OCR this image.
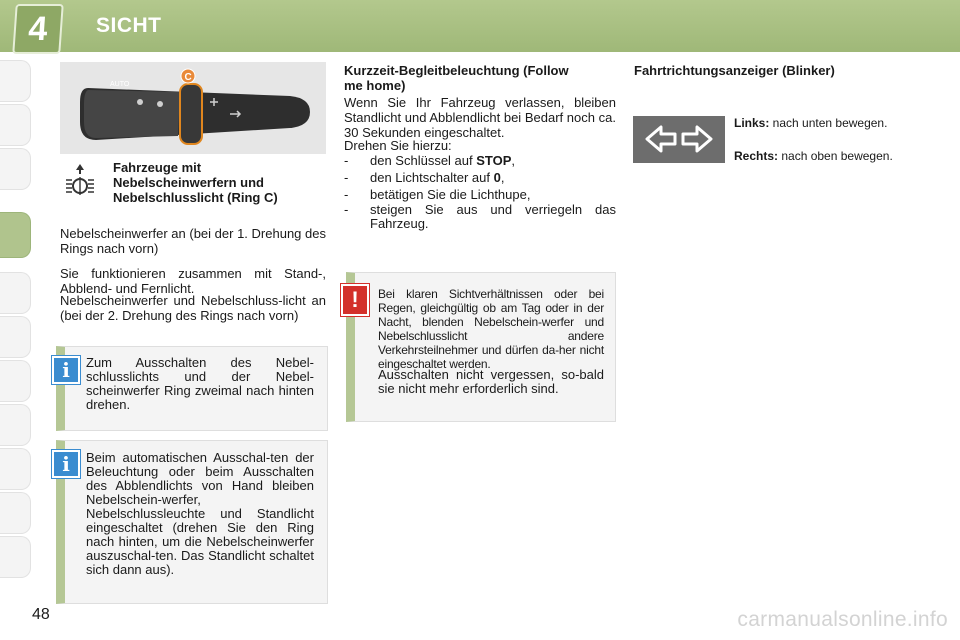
4	SICHT
C
AUTO
Fahrzeuge mit Nebelscheinwerfern und Nebelschlusslicht (Ring C)
Nebelscheinwerfer an (bei der 1. Drehung des Rings nach vorn)
Sie funktionieren zusammen mit Stand-, Abblend- und Fernlicht.
Nebelscheinwerfer und Nebelschluss-licht an (bei der 2. Drehung des Rings nach vorn)
i	Zum Ausschalten des Nebel-schlusslichts und der Nebel-scheinwerfer Ring zweimal nach hinten drehen.
i	Beim automatischen Ausschal-ten der Beleuchtung oder beim Ausschalten des Abblendlichts von Hand bleiben Nebelschein-werfer, Nebelschlussleuchte und Standlicht eingeschaltet (drehen Sie den Ring nach hinten, um die Nebelscheinwerfer auszuschal-ten. Das Standlicht schaltet sich dann aus).
Kurzzeit-Begleitbeleuchtung (Follow me home)
Wenn Sie Ihr Fahrzeug verlassen, bleiben Standlicht und Abblendlicht bei Bedarf noch ca. 30 Sekunden eingeschaltet.
Drehen Sie hierzu:
- den Schlüssel auf STOP,
- den Lichtschalter auf 0,
- betätigen Sie die Lichthupe,
- steigen Sie aus und verriegeln das Fahrzeug.
!	Bei klaren Sichtverhältnissen oder bei Regen, gleichgültig ob am Tag oder in der Nacht, blenden Nebelschein-werfer und Nebelschlusslicht andere Verkehrsteilnehmer und dürfen da-her nicht eingeschaltet werden.
Ausschalten nicht vergessen, so-bald sie nicht mehr erforderlich sind.
Fahrtrichtungsanzeiger (Blinker)
Links: nach unten bewegen.
Rechts: nach oben bewegen.
48	carmanualsonline.info
